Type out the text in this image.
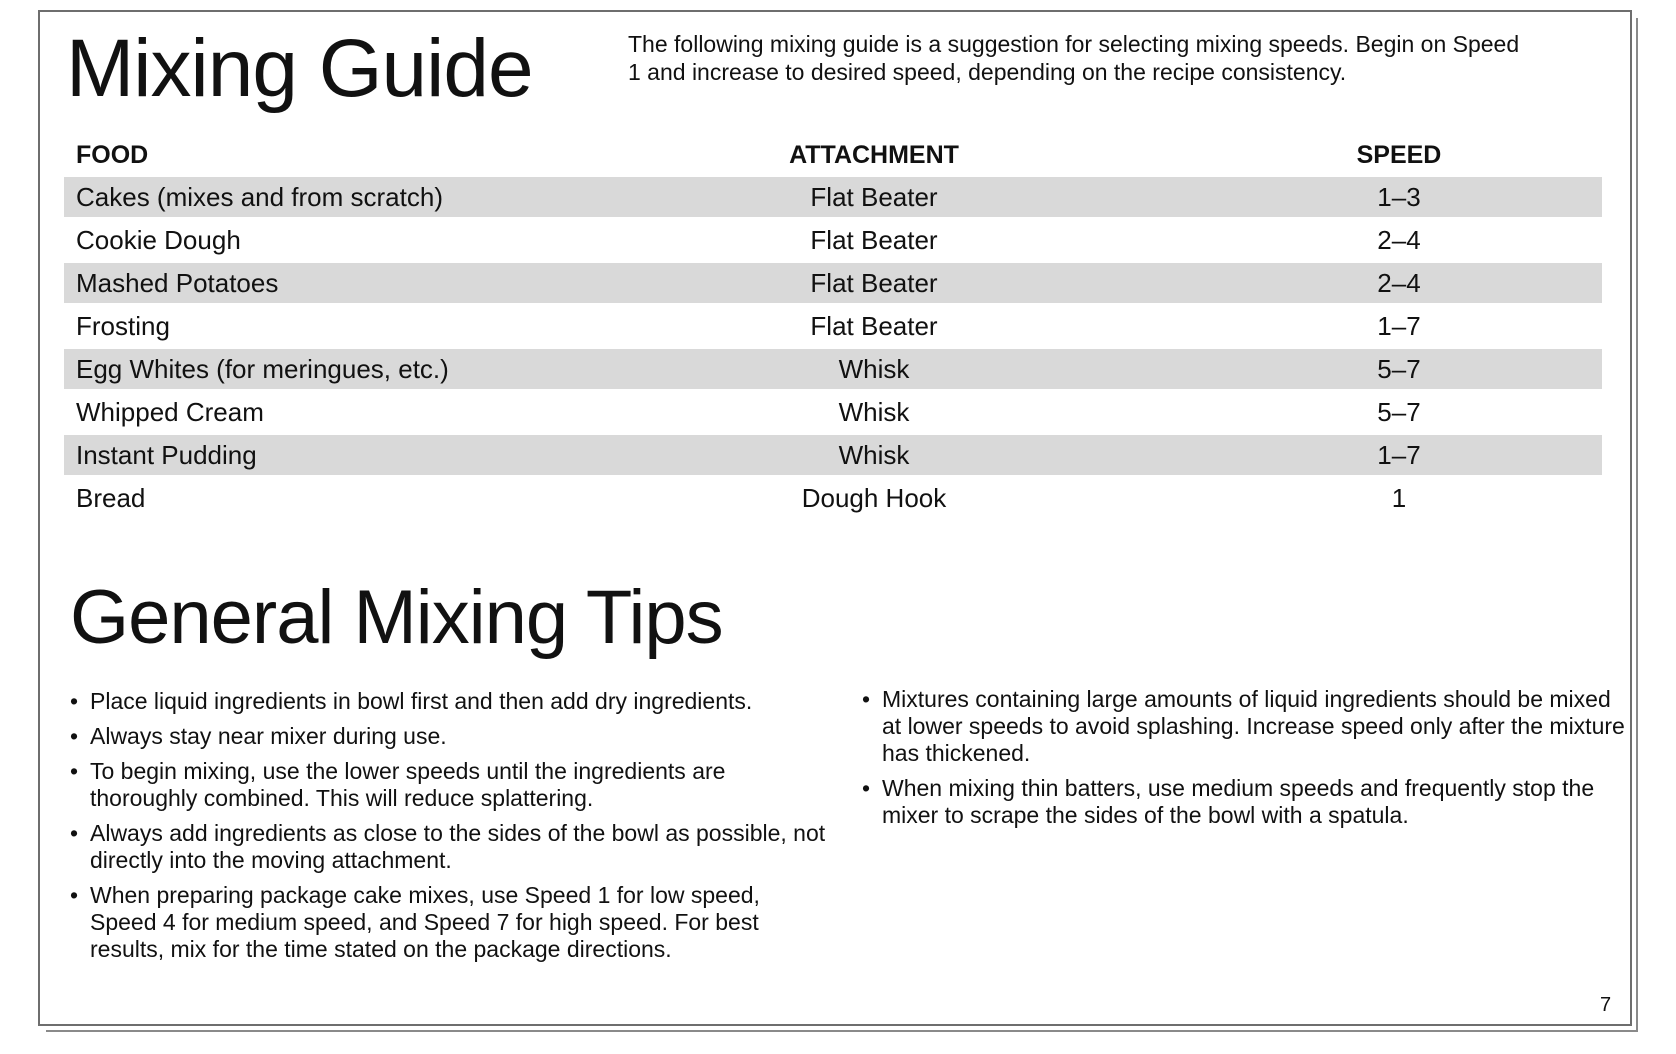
Mixing Guide	The following mixing guide is a suggestion for selecting mixing speeds. Begin on Speed 1 and increase to desired speed, depending on the recipe consistency.

FOOD	ATTACHMENT	SPEED
Cakes (mixes and from scratch)	Flat Beater	1–3
Cookie Dough	Flat Beater	2–4
Mashed Potatoes	Flat Beater	2–4
Frosting	Flat Beater	1–7
Egg Whites (for meringues, etc.)	Whisk	5–7
Whipped Cream	Whisk	5–7
Instant Pudding	Whisk	1–7
Bread	Dough Hook	1
General Mixing Tips
• Place liquid ingredients in bowl first and then add dry ingredients.
• Always stay near mixer during use.
• To begin mixing, use the lower speeds until the ingredients are thoroughly combined. This will reduce splattering.
• Always add ingredients as close to the sides of the bowl as possible, not directly into the moving attachment.
• When preparing package cake mixes, use Speed 1 for low speed, Speed 4 for medium speed, and Speed 7 for high speed. For best results, mix for the time stated on the package directions.
• Mixtures containing large amounts of liquid ingredients should be mixed at lower speeds to avoid splashing. Increase speed only after the mixture has thickened.
• When mixing thin batters, use medium speeds and frequently stop the mixer to scrape the sides of the bowl with a spatula.
7
